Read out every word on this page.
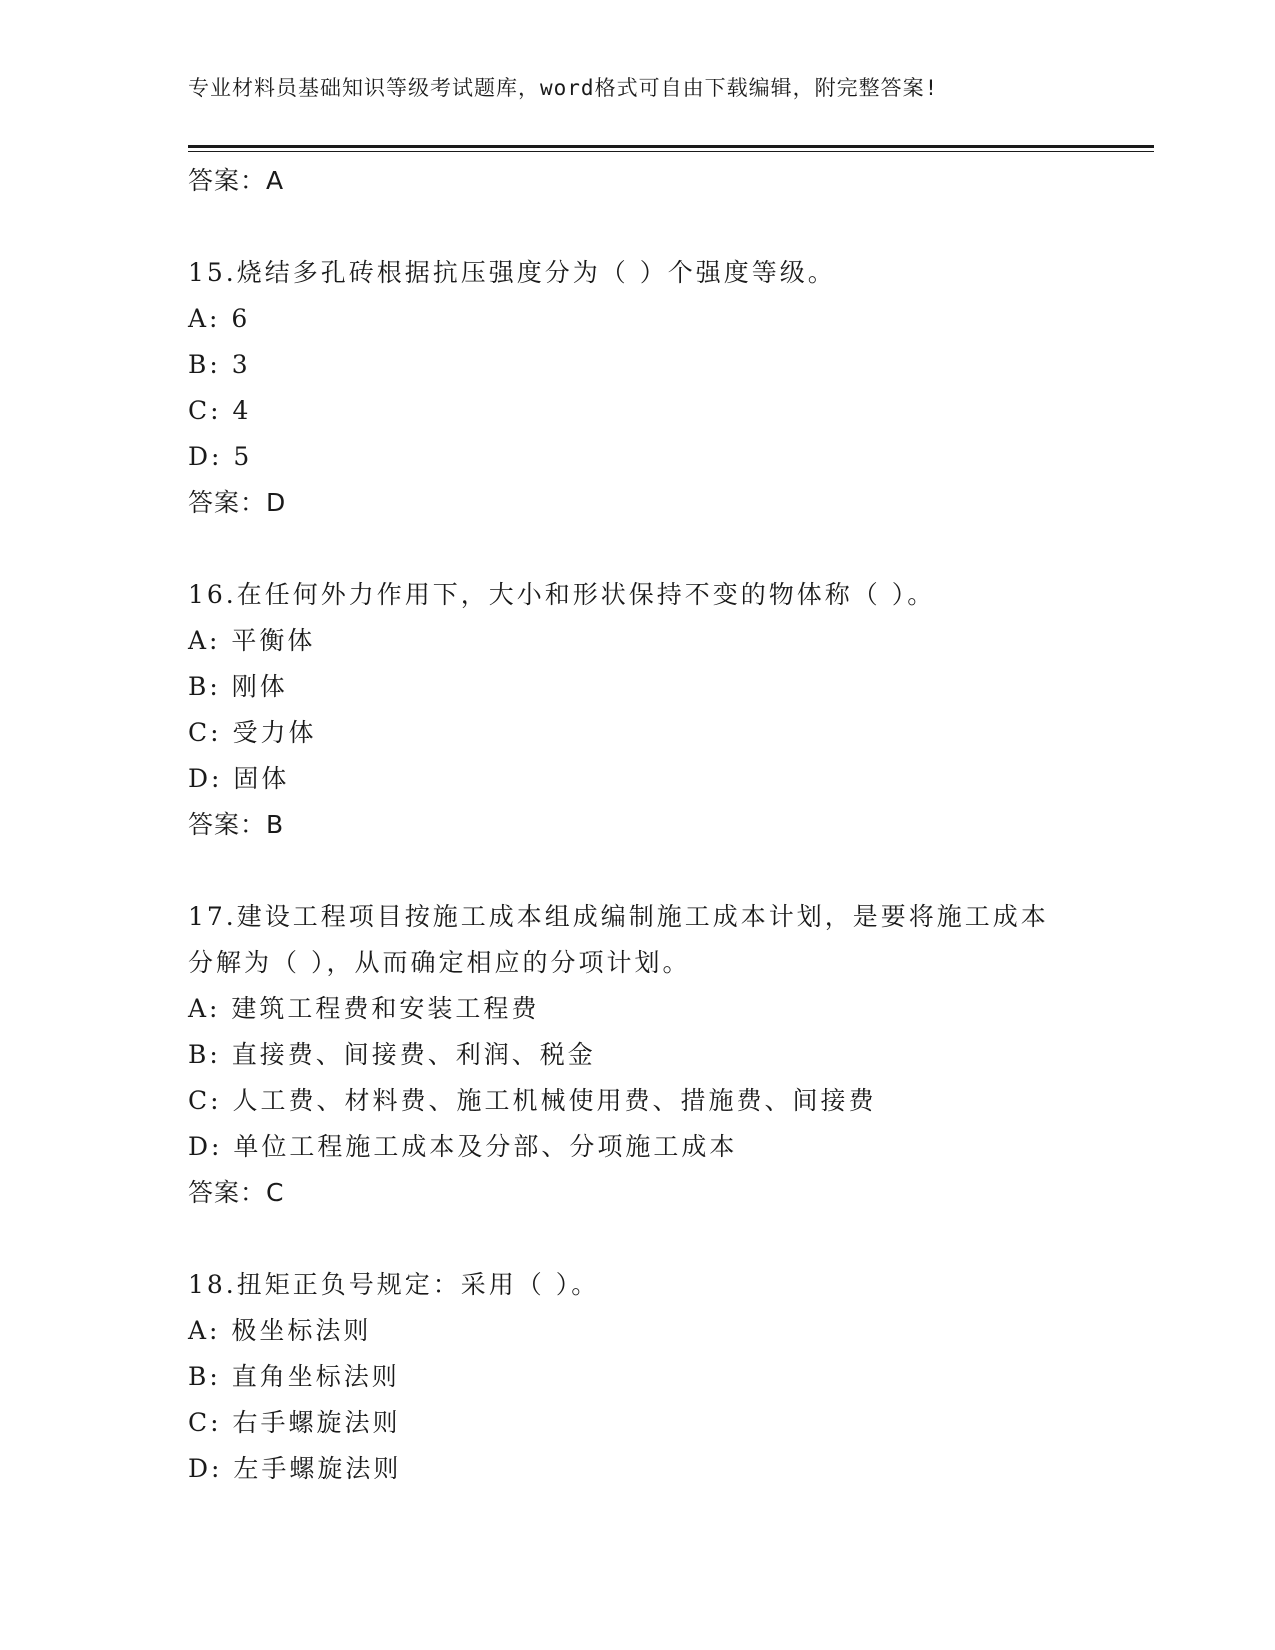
专业材料员基础知识等级考试题库，word格式可自由下载编辑，附完整答案!
答案：A
15.烧结多孔砖根据抗压强度分为（ ）个强度等级。
A: 6
B: 3
C: 4
D: 5
答案：D
16.在任何外力作用下，大小和形状保持不变的物体称（ ）。
A: 平衡体
B: 刚体
C: 受力体
D: 固体
答案：B
17.建设工程项目按施工成本组成编制施工成本计划，是要将施工成本
分解为（ ），从而确定相应的分项计划。
A: 建筑工程费和安装工程费
B: 直接费、间接费、利润、税金
C: 人工费、材料费、施工机械使用费、措施费、间接费
D: 单位工程施工成本及分部、分项施工成本
答案：C
18.扭矩正负号规定：采用（ ）。
A: 极坐标法则
B: 直角坐标法则
C: 右手螺旋法则
D: 左手螺旋法则
